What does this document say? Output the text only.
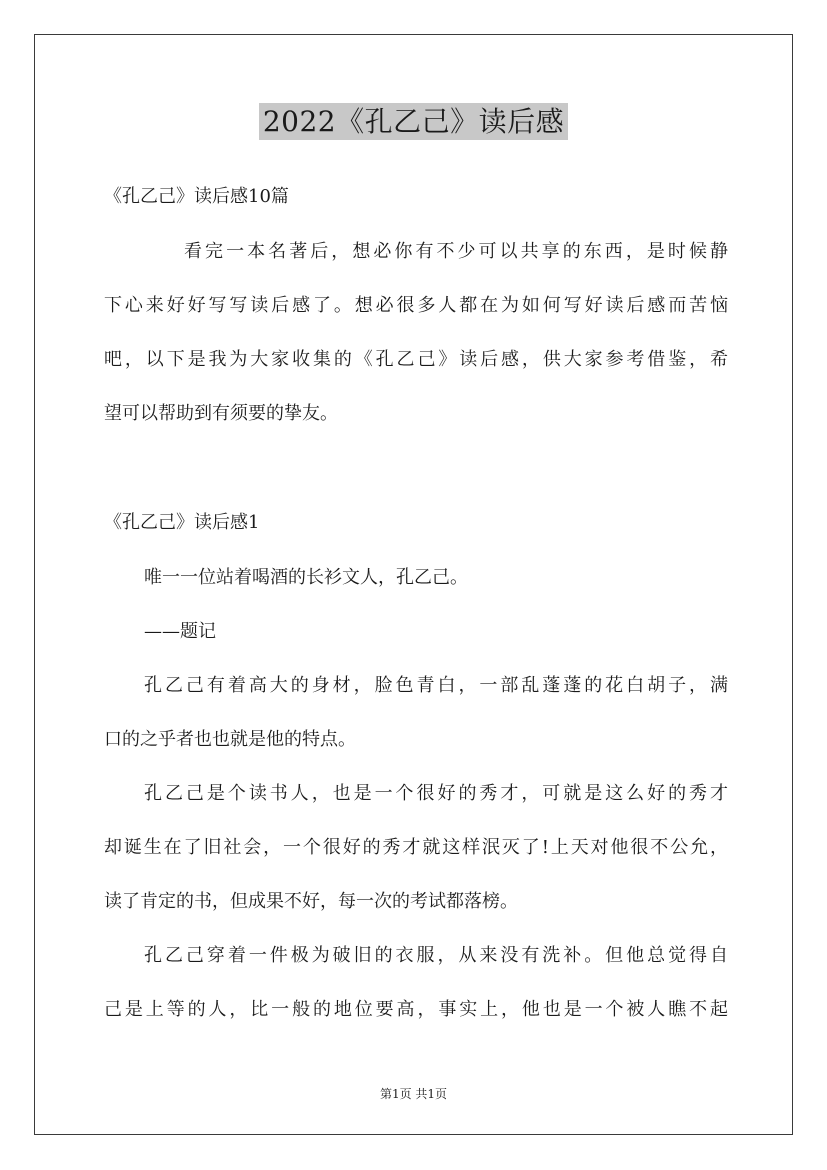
2022《孔乙己》读后感
《孔乙己》读后感10篇
看完一本名著后，想必你有不少可以共享的东西，是时候静
下心来好好写写读后感了。想必很多人都在为如何写好读后感而苦恼
吧，以下是我为大家收集的《孔乙己》读后感，供大家参考借鉴，希
望可以帮助到有须要的挚友。
《孔乙己》读后感1
唯一一位站着喝酒的长衫文人，孔乙己。
——题记
孔乙己有着高大的身材，脸色青白，一部乱蓬蓬的花白胡子，满
口的之乎者也也就是他的特点。
孔乙己是个读书人，也是一个很好的秀才，可就是这么好的秀才
却诞生在了旧社会，一个很好的秀才就这样泯灭了!上天对他很不公允，
读了肯定的书，但成果不好，每一次的考试都落榜。
孔乙己穿着一件极为破旧的衣服，从来没有洗补。但他总觉得自
己是上等的人，比一般的地位要高，事实上，他也是一个被人瞧不起
第1页 共1页
